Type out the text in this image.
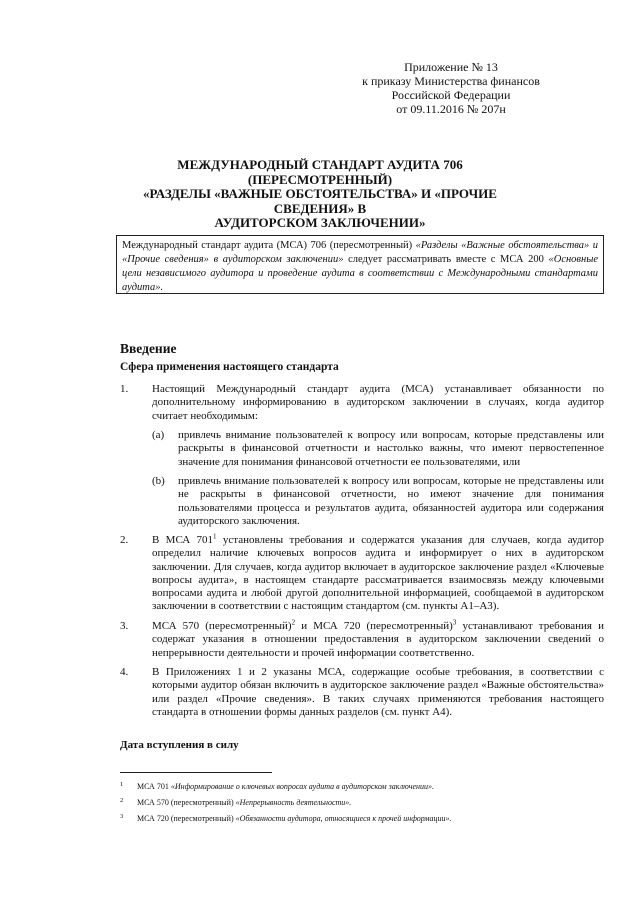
Приложение № 13
к приказу Министерства финансов
Российской Федерации
от 09.11.2016 № 207н
МЕЖДУНАРОДНЫЙ СТАНДАРТ АУДИТА 706
(ПЕРЕСМОТРЕННЫЙ)
«РАЗДЕЛЫ «ВАЖНЫЕ ОБСТОЯТЕЛЬСТВА» И «ПРОЧИЕ СВЕДЕНИЯ» В
АУДИТОРСКОМ ЗАКЛЮЧЕНИИ»
Международный стандарт аудита (МСА) 706 (пересмотренный) «Разделы «Важные обстоятельства» и «Прочие сведения» в аудиторском заключении» следует рассматривать вместе с МСА 200 «Основные цели независимого аудитора и проведение аудита в соответствии с Международными стандартами аудита».
Введение
Сфера применения настоящего стандарта
1. Настоящий Международный стандарт аудита (МСА) устанавливает обязанности по дополнительному информированию в аудиторском заключении в случаях, когда аудитор считает необходимым:
(a) привлечь внимание пользователей к вопросу или вопросам, которые представлены или раскрыты в финансовой отчетности и настолько важны, что имеют первостепенное значение для понимания финансовой отчетности ее пользователями, или
(b) привлечь внимание пользователей к вопросу или вопросам, которые не представлены или не раскрыты в финансовой отчетности, но имеют значение для понимания пользователями процесса и результатов аудита, обязанностей аудитора или содержания аудиторского заключения.
2. В МСА $701^1$ установлены требования и содержатся указания для случаев, когда аудитор определил наличие ключевых вопросов аудита и информирует о них в аудиторском заключении. Для случаев, когда аудитор включает в аудиторское заключение раздел «Ключевые вопросы аудита», в настоящем стандарте рассматривается взаимосвязь между ключевыми вопросами аудита и любой другой дополнительной информацией, сообщаемой в аудиторском заключении в соответствии с настоящим стандартом (см. пункты А1–А3).
3. МСА 570 (пересмотренный)$^2$ и МСА 720 (пересмотренный)$^3$ устанавливают требования и содержат указания в отношении предоставления в аудиторском заключении сведений о непрерывности деятельности и прочей информации соответственно.
4. В Приложениях 1 и 2 указаны МСА, содержащие особые требования, в соответствии с которыми аудитор обязан включить в аудиторское заключение раздел «Важные обстоятельства» или раздел «Прочие сведения». В таких случаях применяются требования настоящего стандарта в отношении формы данных разделов (см. пункт А4).
Дата вступления в силу
1 МСА 701 «Информирование о ключевых вопросах аудита в аудиторском заключении».
2 МСА 570 (пересмотренный) «Непрерывность деятельности».
3 МСА 720 (пересмотренный) «Обязанности аудитора, относящиеся к прочей информации».
